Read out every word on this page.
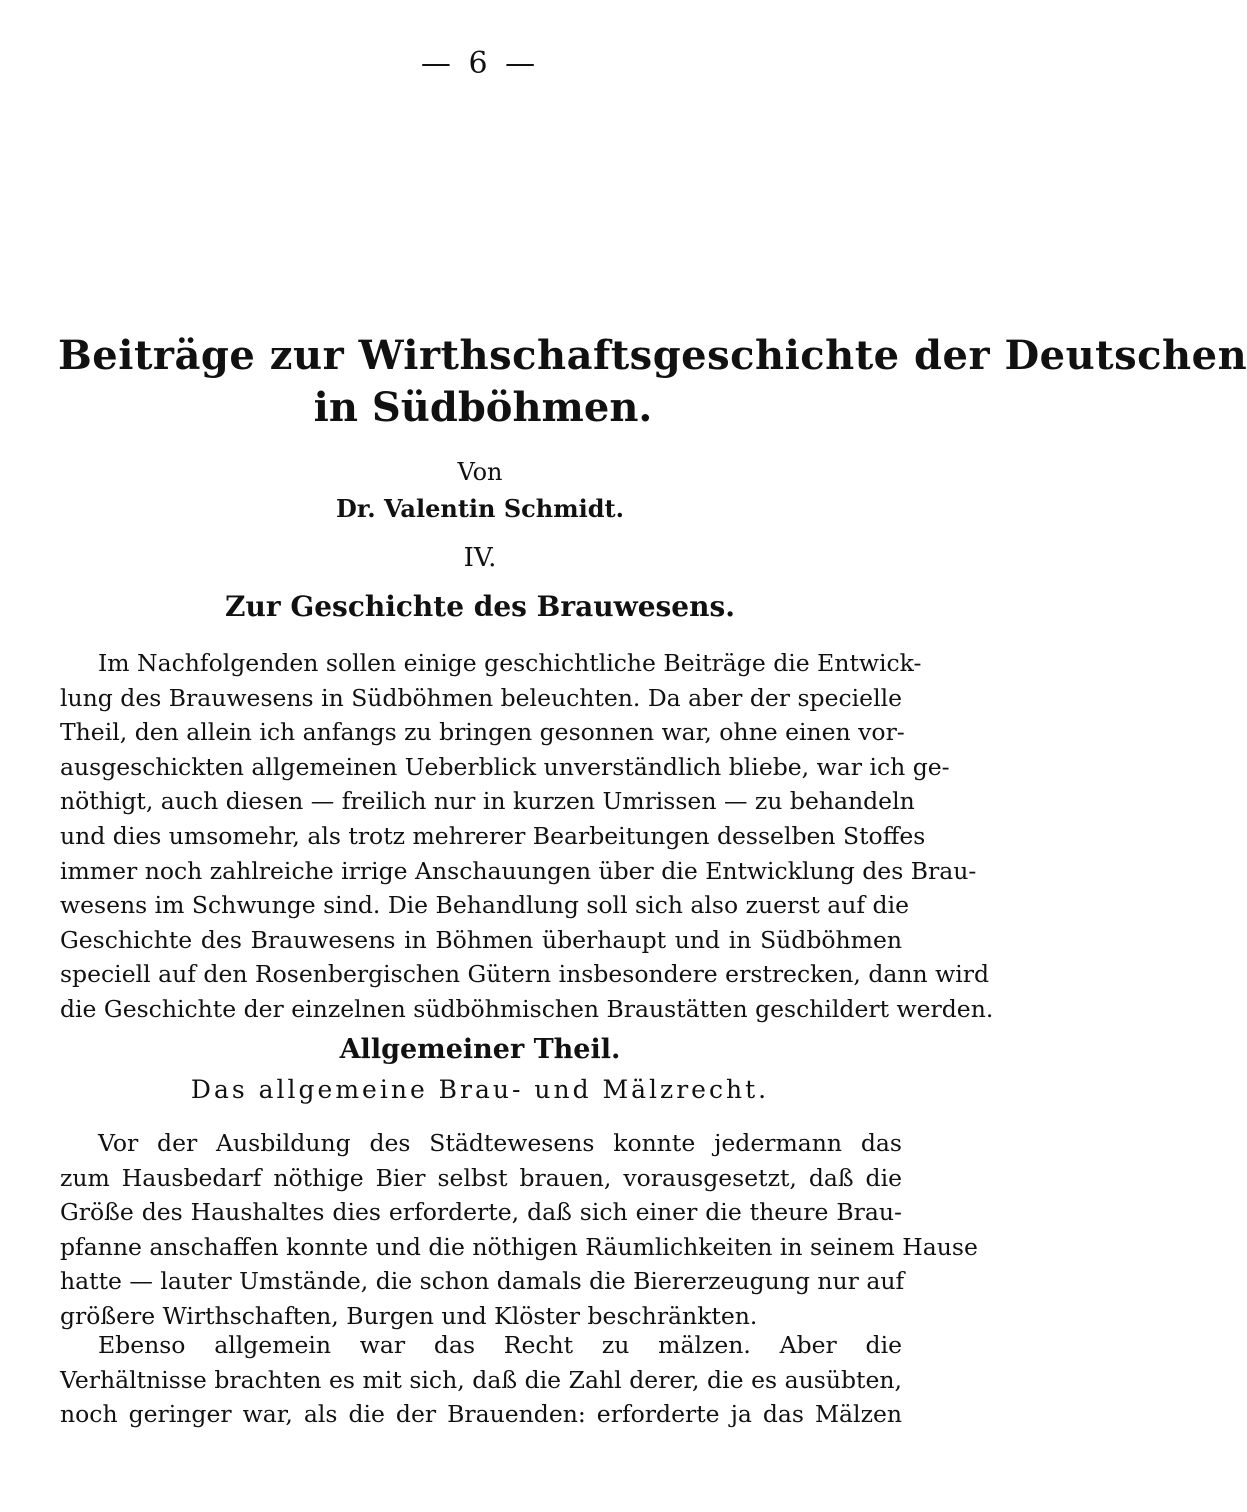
— 6 —
Beiträge zur Wirthschaftsgeschichte der Deutschen
in Südböhmen.
Von
Dr. Valentin Schmidt.
IV.
Zur Geschichte des Brauwesens.
Im Nachfolgenden sollen einige geschichtliche Beiträge die Entwick-
lung des Brauwesens in Südböhmen beleuchten. Da aber der specielle
Theil, den allein ich anfangs zu bringen gesonnen war, ohne einen vor-
ausgeschickten allgemeinen Ueberblick unverständlich bliebe, war ich ge-
nöthigt, auch diesen — freilich nur in kurzen Umrissen — zu behandeln
und dies umsomehr, als trotz mehrerer Bearbeitungen desselben Stoffes
immer noch zahlreiche irrige Anschauungen über die Entwicklung des Brau-
wesens im Schwunge sind. Die Behandlung soll sich also zuerst auf die
Geschichte des Brauwesens in Böhmen überhaupt und in Südböhmen
speciell auf den Rosenbergischen Gütern insbesondere erstrecken, dann wird
die Geschichte der einzelnen südböhmischen Braustätten geschildert werden.
Allgemeiner Theil.
Das allgemeine Brau- und Mälzrecht.
Vor der Ausbildung des Städtewesens konnte jedermann das
zum Hausbedarf nöthige Bier selbst brauen, vorausgesetzt, daß die
Größe des Haushaltes dies erforderte, daß sich einer die theure Brau-
pfanne anschaffen konnte und die nöthigen Räumlichkeiten in seinem Hause
hatte — lauter Umstände, die schon damals die Biererzeugung nur auf
größere Wirthschaften, Burgen und Klöster beschränkten.
Ebenso allgemein war das Recht zu mälzen. Aber die
Verhältnisse brachten es mit sich, daß die Zahl derer, die es ausübten,
noch geringer war, als die der Brauenden: erforderte ja das Mälzen
